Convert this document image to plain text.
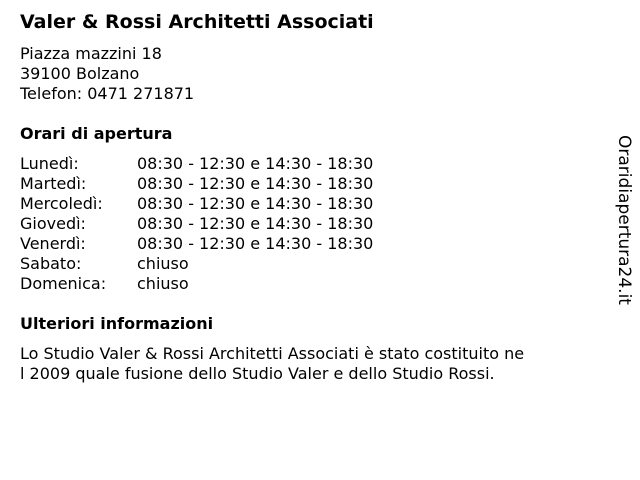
Valer & Rossi Architetti Associati
Piazza mazzini 18
39100 Bolzano
Telefon: 0471 271871
Orari di apertura
Lunedì:	08:30 - 12:30 e 14:30 - 18:30
Martedì:	08:30 - 12:30 e 14:30 - 18:30
Mercoledì: 08:30 - 12:30 e 14:30 - 18:30
Giovedì:	08:30 - 12:30 e 14:30 - 18:30
Venerdì:	08:30 - 12:30 e 14:30 - 18:30
Sabato:	chiuso
Domenica: chiuso
Ulteriori informazioni
Lo Studio Valer & Rossi Architetti Associati è stato costituito ne
l 2009 quale fusione dello Studio Valer e dello Studio Rossi.
Oraridiapertura24.it
